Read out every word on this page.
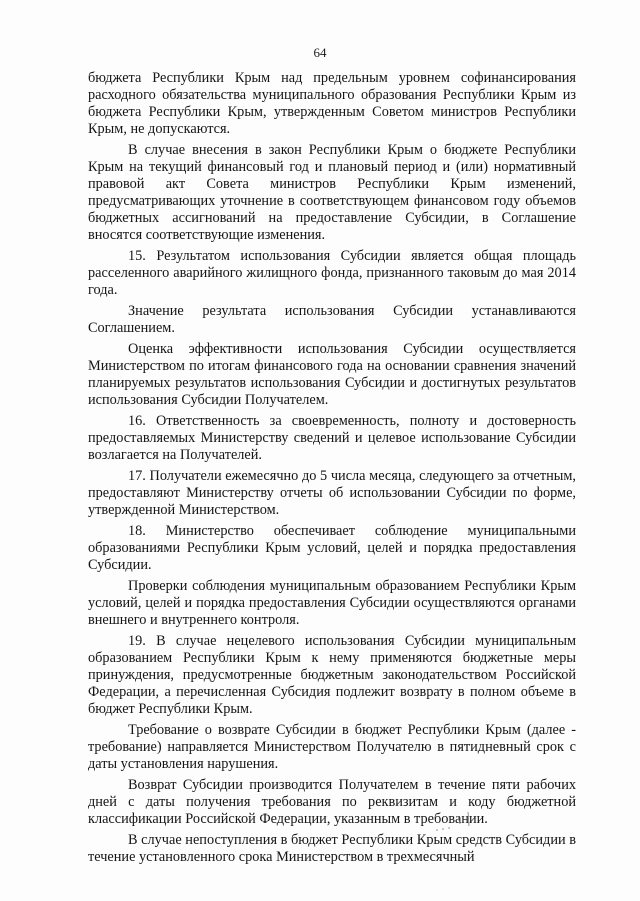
64

бюджета Республики Крым над предельным уровнем софинансирования расходного обязательства муниципального образования Республики Крым из бюджета Республики Крым, утвержденным Советом министров Республики Крым, не допускаются.

В случае внесения в закон Республики Крым о бюджете Республики Крым на текущий финансовый год и плановый период и (или) нормативный правовой акт Совета министров Республики Крым изменений, предусматривающих уточнение в соответствующем финансовом году объемов бюджетных ассигнований на предоставление Субсидии, в Соглашение вносятся соответствующие изменения.

15. Результатом использования Субсидии является общая площадь расселенного аварийного жилищного фонда, признанного таковым до мая 2014 года.

Значение результата использования Субсидии устанавливаются Соглашением.

Оценка эффективности использования Субсидии осуществляется Министерством по итогам финансового года на основании сравнения значений планируемых результатов использования Субсидии и достигнутых результатов использования Субсидии Получателем.

16. Ответственность за своевременность, полноту и достоверность предоставляемых Министерству сведений и целевое использование Субсидии возлагается на Получателей.

17. Получатели ежемесячно до 5 числа месяца, следующего за отчетным, предоставляют Министерству отчеты об использовании Субсидии по форме, утвержденной Министерством.

18. Министерство обеспечивает соблюдение муниципальными образованиями Республики Крым условий, целей и порядка предоставления Субсидии.

Проверки соблюдения муниципальным образованием Республики Крым условий, целей и порядка предоставления Субсидии осуществляются органами внешнего и внутреннего контроля.

19. В случае нецелевого использования Субсидии муниципальным образованием Республики Крым к нему применяются бюджетные меры принуждения, предусмотренные бюджетным законодательством Российской Федерации, а перечисленная Субсидия подлежит возврату в полном объеме в бюджет Республики Крым.

Требование о возврате Субсидии в бюджет Республики Крым (далее - требование) направляется Министерством Получателю в пятидневный срок с даты установления нарушения.

Возврат Субсидии производится Получателем в течение пяти рабочих дней с даты получения требования по реквизитам и коду бюджетной классификации Российской Федерации, указанным в требовании.

В случае непоступления в бюджет Республики Крым средств Субсидии в течение установленного срока Министерством в трехмесячный
